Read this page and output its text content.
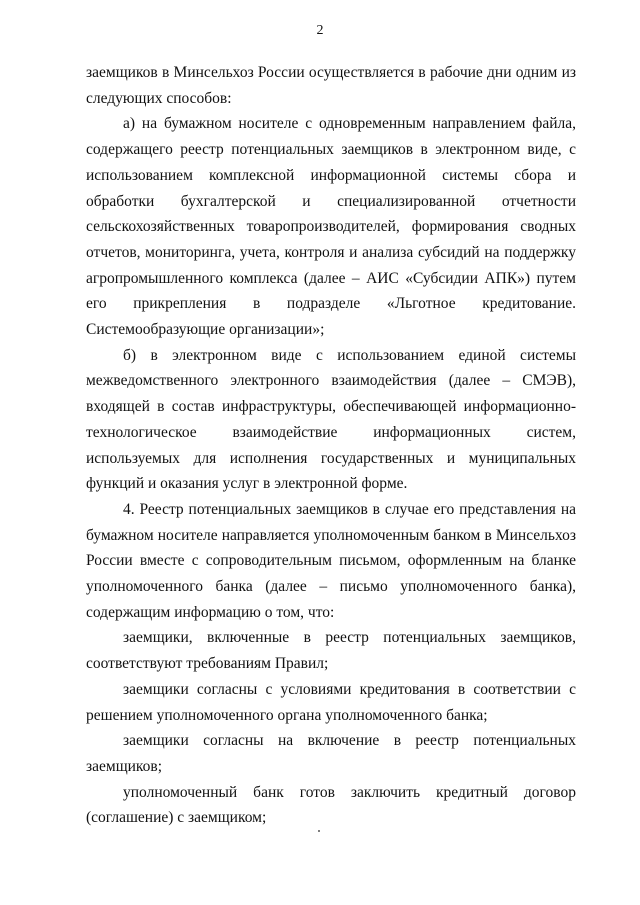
2

заемщиков в Минсельхоз России осуществляется в рабочие дни одним из следующих способов:

а) на бумажном носителе с одновременным направлением файла, содержащего реестр потенциальных заемщиков в электронном виде, с использованием комплексной информационной системы сбора и обработки бухгалтерской и специализированной отчетности сельскохозяйственных товаропроизводителей, формирования сводных отчетов, мониторинга, учета, контроля и анализа субсидий на поддержку агропромышленного комплекса (далее – АИС «Субсидии АПК») путем его прикрепления в подразделе «Льготное кредитование. Системообразующие организации»;

б) в электронном виде с использованием единой системы межведомственного электронного взаимодействия (далее – СМЭВ), входящей в состав инфраструктуры, обеспечивающей информационно-технологическое взаимодействие информационных систем, используемых для исполнения государственных и муниципальных функций и оказания услуг в электронной форме.

4. Реестр потенциальных заемщиков в случае его представления на бумажном носителе направляется уполномоченным банком в Минсельхоз России вместе с сопроводительным письмом, оформленным на бланке уполномоченного банка (далее – письмо уполномоченного банка), содержащим информацию о том, что:

заемщики, включенные в реестр потенциальных заемщиков, соответствуют требованиям Правил;

заемщики согласны с условиями кредитования в соответствии с решением уполномоченного органа уполномоченного банка;

заемщики согласны на включение в реестр потенциальных заемщиков;

уполномоченный банк готов заключить кредитный договор (соглашение) с заемщиком;
